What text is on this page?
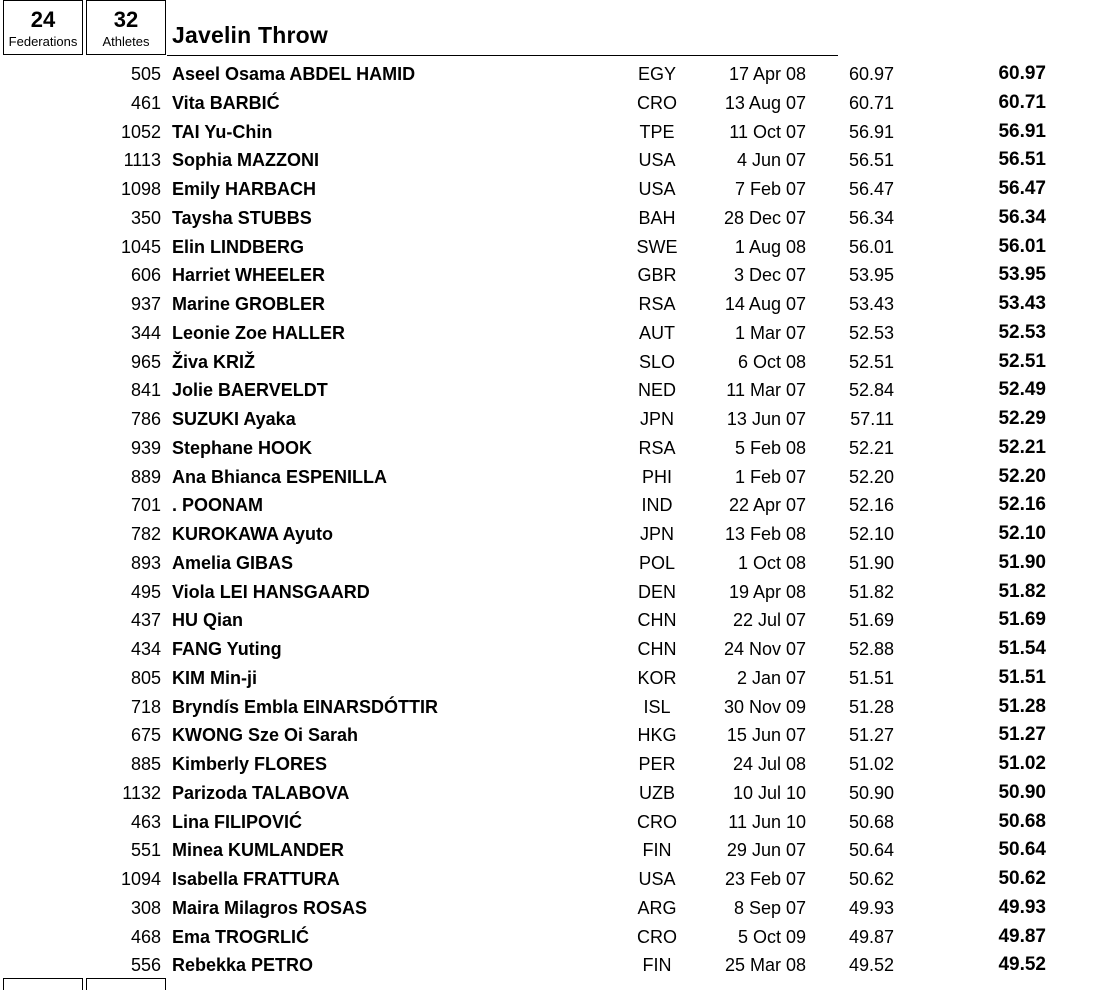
24
Federations
32
Athletes Javelin Throw
505 Aseel Osama ABDEL HAMID	EGY	17 Apr 08 60.97	60.97
461 Vita BARBIĆ	CRO	13 Aug 07 60.71	60.71
1052 TAI Yu-Chin	TPE	11 Oct 07 56.91	56.91
1113 Sophia MAZZONI	USA	4 Jun 07 56.51	56.51
1098 Emily HARBACH	USA	7 Feb 07 56.47	56.47
350 Taysha STUBBS	BAH	28 Dec 07 56.34	56.34
1045 Elin LINDBERG	SWE	1 Aug 08 56.01	56.01
606 Harriet WHEELER	GBR	3 Dec 07 53.95	53.95
937 Marine GROBLER	RSA	14 Aug 07 53.43	53.43
344 Leonie Zoe HALLER	AUT	1 Mar 07 52.53	52.53
965 Živa KRIŽ	SLO	6 Oct 08 52.51	52.51
841 Jolie BAERVELDT	NED	11 Mar 07 52.84	52.49
786 SUZUKI Ayaka	JPN	13 Jun 07 57.11	52.29
939 Stephane HOOK	RSA	5 Feb 08 52.21	52.21
889 Ana Bhianca ESPENILLA	PHI	1 Feb 07 52.20	52.20
701 . POONAM	IND	22 Apr 07 52.16	52.16
782 KUROKAWA Ayuto	JPN	13 Feb 08 52.10	52.10
893 Amelia GIBAS	POL	1 Oct 08 51.90	51.90
495 Viola LEI HANSGAARD	DEN	19 Apr 08 51.82	51.82
437 HU Qian	CHN	22 Jul 07 51.69	51.69
434 FANG Yuting	CHN	24 Nov 07 52.88	51.54
805 KIM Min-ji	KOR	2 Jan 07 51.51	51.51
718 Bryndís Embla EINARSDÓTTIR	ISL	30 Nov 09 51.28	51.28
675 KWONG Sze Oi Sarah	HKG	15 Jun 07 51.27	51.27
885 Kimberly FLORES	PER	24 Jul 08 51.02	51.02
1132 Parizoda TALABOVA	UZB	10 Jul 10 50.90	50.90
463 Lina FILIPOVIĆ	CRO	11 Jun 10 50.68	50.68
551 Minea KUMLANDER	FIN	29 Jun 07 50.64	50.64
1094 Isabella FRATTURA	USA	23 Feb 07 50.62	50.62
308 Maira Milagros ROSAS	ARG	8 Sep 07 49.93	49.93
468 Ema TROGRLIĆ	CRO	5 Oct 09 49.87	49.87
556 Rebekka PETRO	FIN	25 Mar 08 49.52	49.52
